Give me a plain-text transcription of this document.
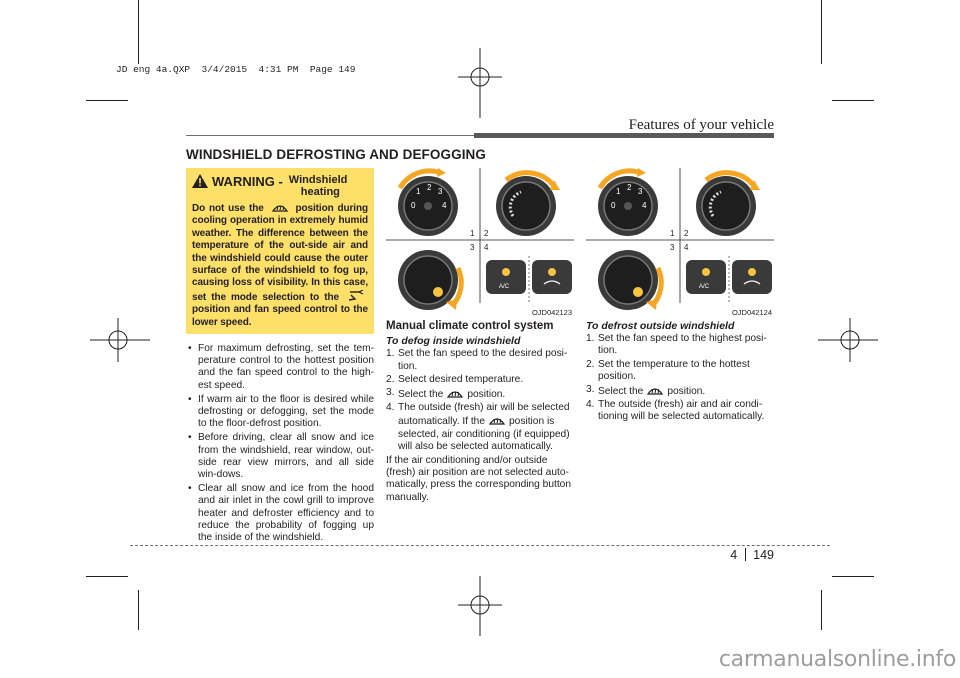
JD eng 4a.QXP  3/4/2015  4:31 PM  Page 149
Features of your vehicle
WINDSHIELD DEFROSTING AND DEFOGGING
WARNING - Windshield
heating
Do not use the	position during cooling operation in extremely humid weather. The difference between the temperature of the out-side air and the windshield could cause the outer surface of the windshield to fog up, causing loss of visibility. In this case, set the mode selection to the  position and fan speed control to the lower speed.
• For maximum defrosting, set the tem-perature control to the hottest position and the fan speed control to the high-est speed.
• If warm air to the floor is desired while defrosting or defogging, set the mode to the floor-defrost position.
• Before driving, clear all snow and ice from the windshield, rear window, out-side rear view mirrors, and all side win-dows.
• Clear all snow and ice from the hood and air inlet in the cowl grill to improve heater and defroster efficiency and to reduce the probability of fogging up the inside of the windshield.
1 2 3
0	4
A/C
1 2
3 4
OJD042123
1 2 3
0	4
A/C
1 2
3 4
OJD042124
Manual climate control system
To defog inside windshield
1. Set the fan speed to the desired posi-tion.
2. Select desired temperature.
3. Select the position.
4. The outside (fresh) air will be selected automatically. If the position is selected, air conditioning (if equipped) will also be selected automatically.
If the air conditioning and/or outside (fresh) air position are not selected auto-matically, press the corresponding button manually.
To defrost outside windshield
1. Set the fan speed to the highest posi-tion.
2. Set the temperature to the hottest position.
3. Select the position.
4. The outside (fresh) air and air condi-tioning will be selected automatically.
4 149
carmanualsonline.info
